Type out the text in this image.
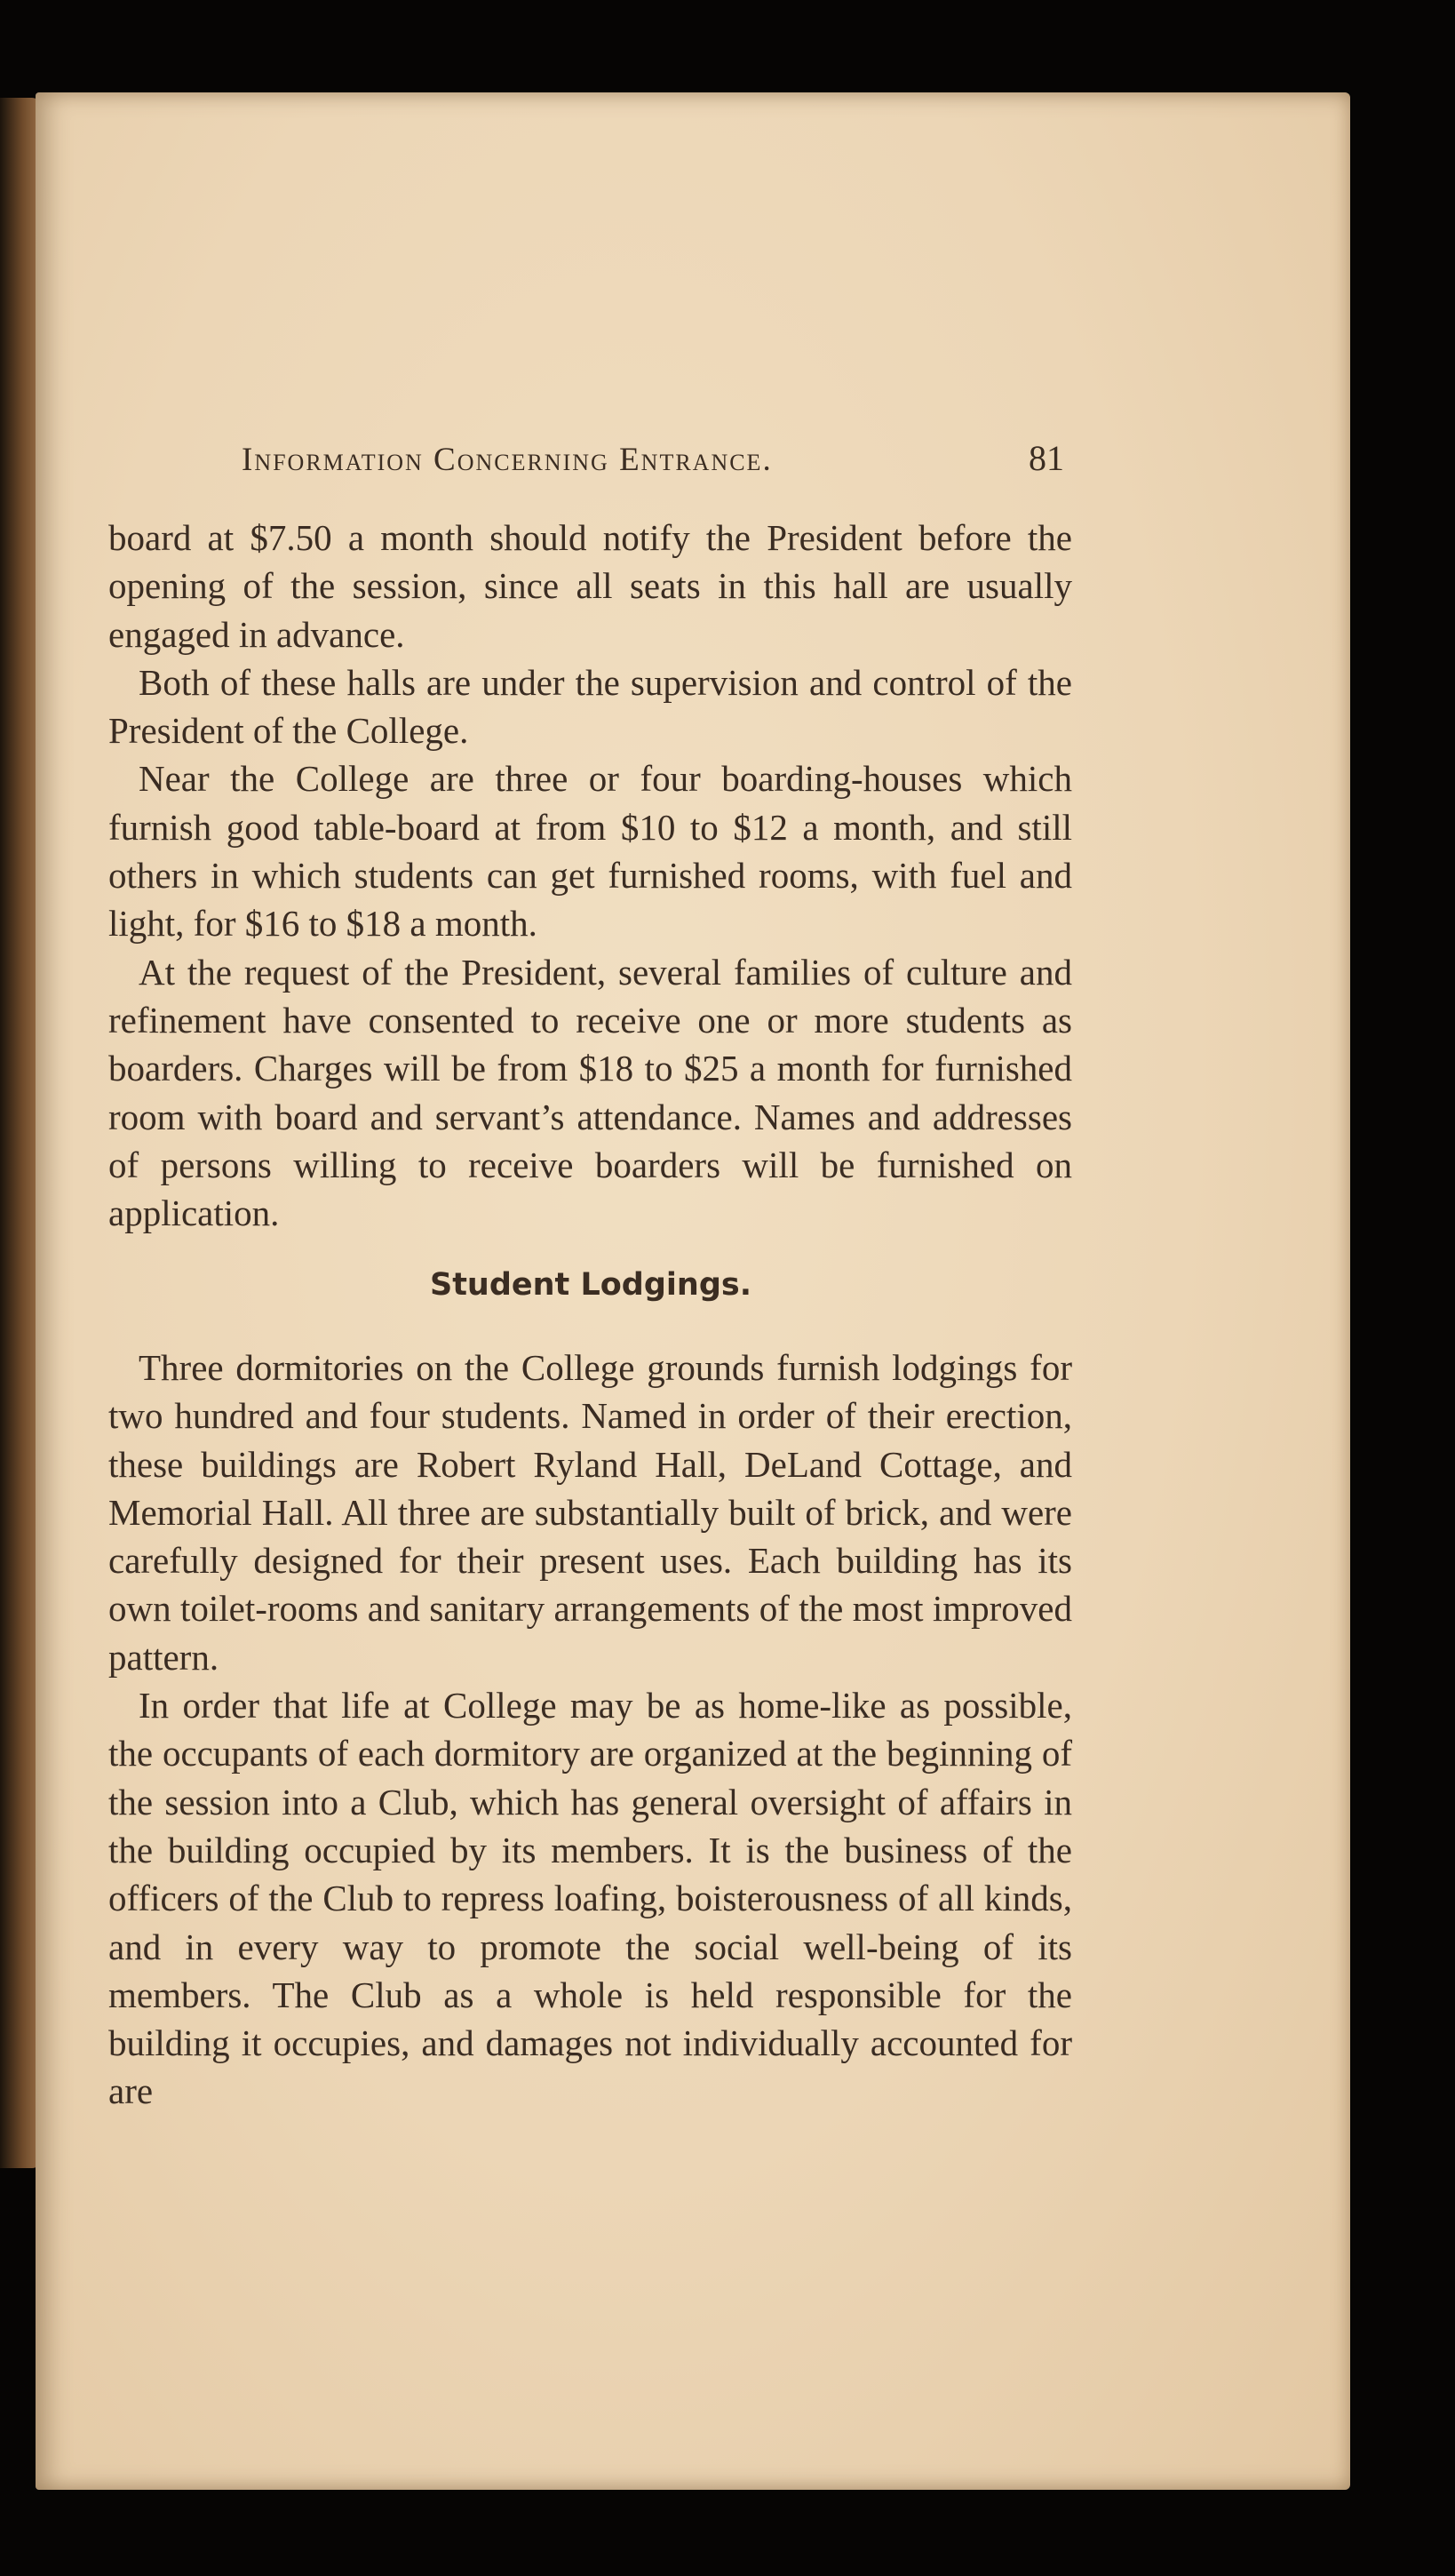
Information Concerning Entrance.	81

board at $7.50 a month should notify the President before the opening of the session, since all seats in this hall are usually engaged in advance.

Both of these halls are under the supervision and control of the President of the College.

Near the College are three or four boarding-houses which furnish good table-board at from $10 to $12 a month, and still others in which students can get furnished rooms, with fuel and light, for $16 to $18 a month.

At the request of the President, several families of culture and refinement have consented to receive one or more students as boarders. Charges will be from $18 to $25 a month for furnished room with board and servant’s attendance. Names and addresses of persons willing to receive boarders will be furnished on application.

Student Lodgings.

Three dormitories on the College grounds furnish lodgings for two hundred and four students. Named in order of their erection, these buildings are Robert Ryland Hall, DeLand Cottage, and Memorial Hall. All three are substantially built of brick, and were carefully designed for their present uses. Each building has its own toilet-rooms and sanitary arrangements of the most improved pattern.

In order that life at College may be as home-like as possible, the occupants of each dormitory are organized at the beginning of the session into a Club, which has general oversight of affairs in the building occupied by its members. It is the business of the officers of the Club to repress loafing, boisterousness of all kinds, and in every way to promote the social well-being of its members. The Club as a whole is held responsible for the building it occupies, and damages not individually accounted for are
